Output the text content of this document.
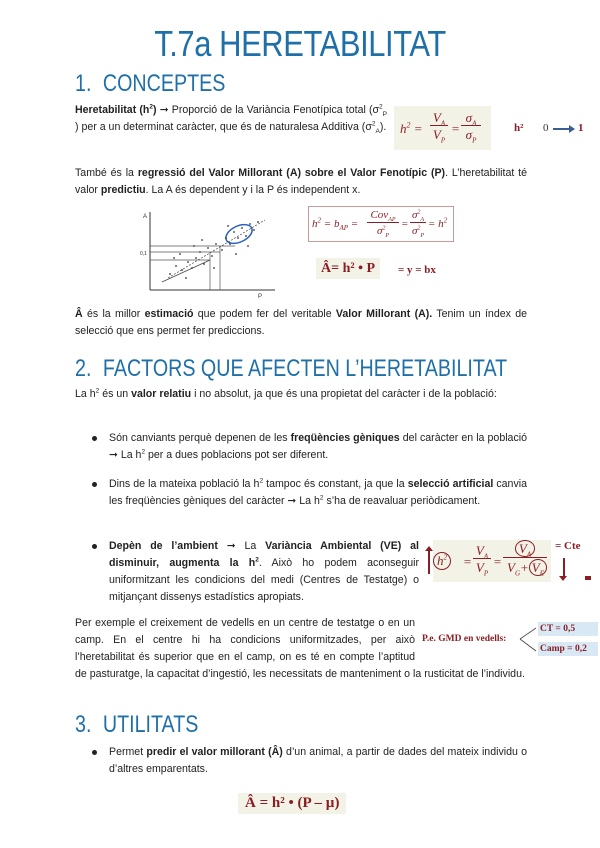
T.7a HERETABILITAT
1. CONCEPTES
Heretabilitat $(h^2)$ ➞ Proporció de la Variància Fenotípica total ($\sigma^2_P$ ) per a un determinat caràcter, que és de naturalesa Additiva $(\sigma^2_A)$. $h^2$ =
$V_A$
$V_P$
=
$\sigma_A$
$\sigma_P$
h² 0	1
També és la regressió del Valor Millorant (A) sobre el Valor Fenotípic (P). L’heretabilitat té valor predictiu. La A és dependent y i la P és independent x.
A
P
0,1
$h^2 = b_{AP}$ =
Cov$_{AP}$
$\sigma^2_P$
=
$\sigma^2_A$
$\sigma^2_P$
= $h^2$
Â= h² • P	= y = bx
Â és la millor estimació que podem fer del veritable Valor Millorant (A). Tenim un índex de selecció que ens permet fer prediccions.
2. FACTORS QUE AFECTEN L’HERETABILITAT
La $h^2$ és un valor relatiu i no absolut, ja que és una propietat del caràcter i de la població:
Són canviants perquè depenen de les freqüències gèniques del caràcter en la població ➞ La $h^2$ per a dues poblacions pot ser diferent.
Dins de la mateixa població la $h^2$ tampoc és constant, ja que la selecció artificial canvia les freqüències gèniques del caràcter ➞ La $h^2$ s’ha de reavaluar periòdicament.
Depèn de l’ambient ➞ La Variància Ambiental (VE) al disminuir, augmenta la $h^2$. Això ho podem aconseguir uniformitzant les condicions del medi (Centres de Testatge) o mitjançant dissenys estadístics apropiats.
$h^2$	=
$V_A$
$V_P$
=
$V_A$
$V_G+ V_E$
= Cte
Per exemple el creixement de vedells en un centre de testatge o en un camp. En el centre hi ha condicions uniformitzades, per això l’heretabilitat és superior que en el camp, on es té en compte l’aptitud de pasturatge, la capacitat d’ingestió, les necessitats de manteniment o la rusticitat de l’individu.
P.e. GMD en vedells:
CT = 0,5
Camp = 0,2
3. UTILITATS
Permet predir el valor millorant (Â) d’un animal, a partir de dades del mateix individu o d’altres emparentats.
Â = h² • (P – µ)
